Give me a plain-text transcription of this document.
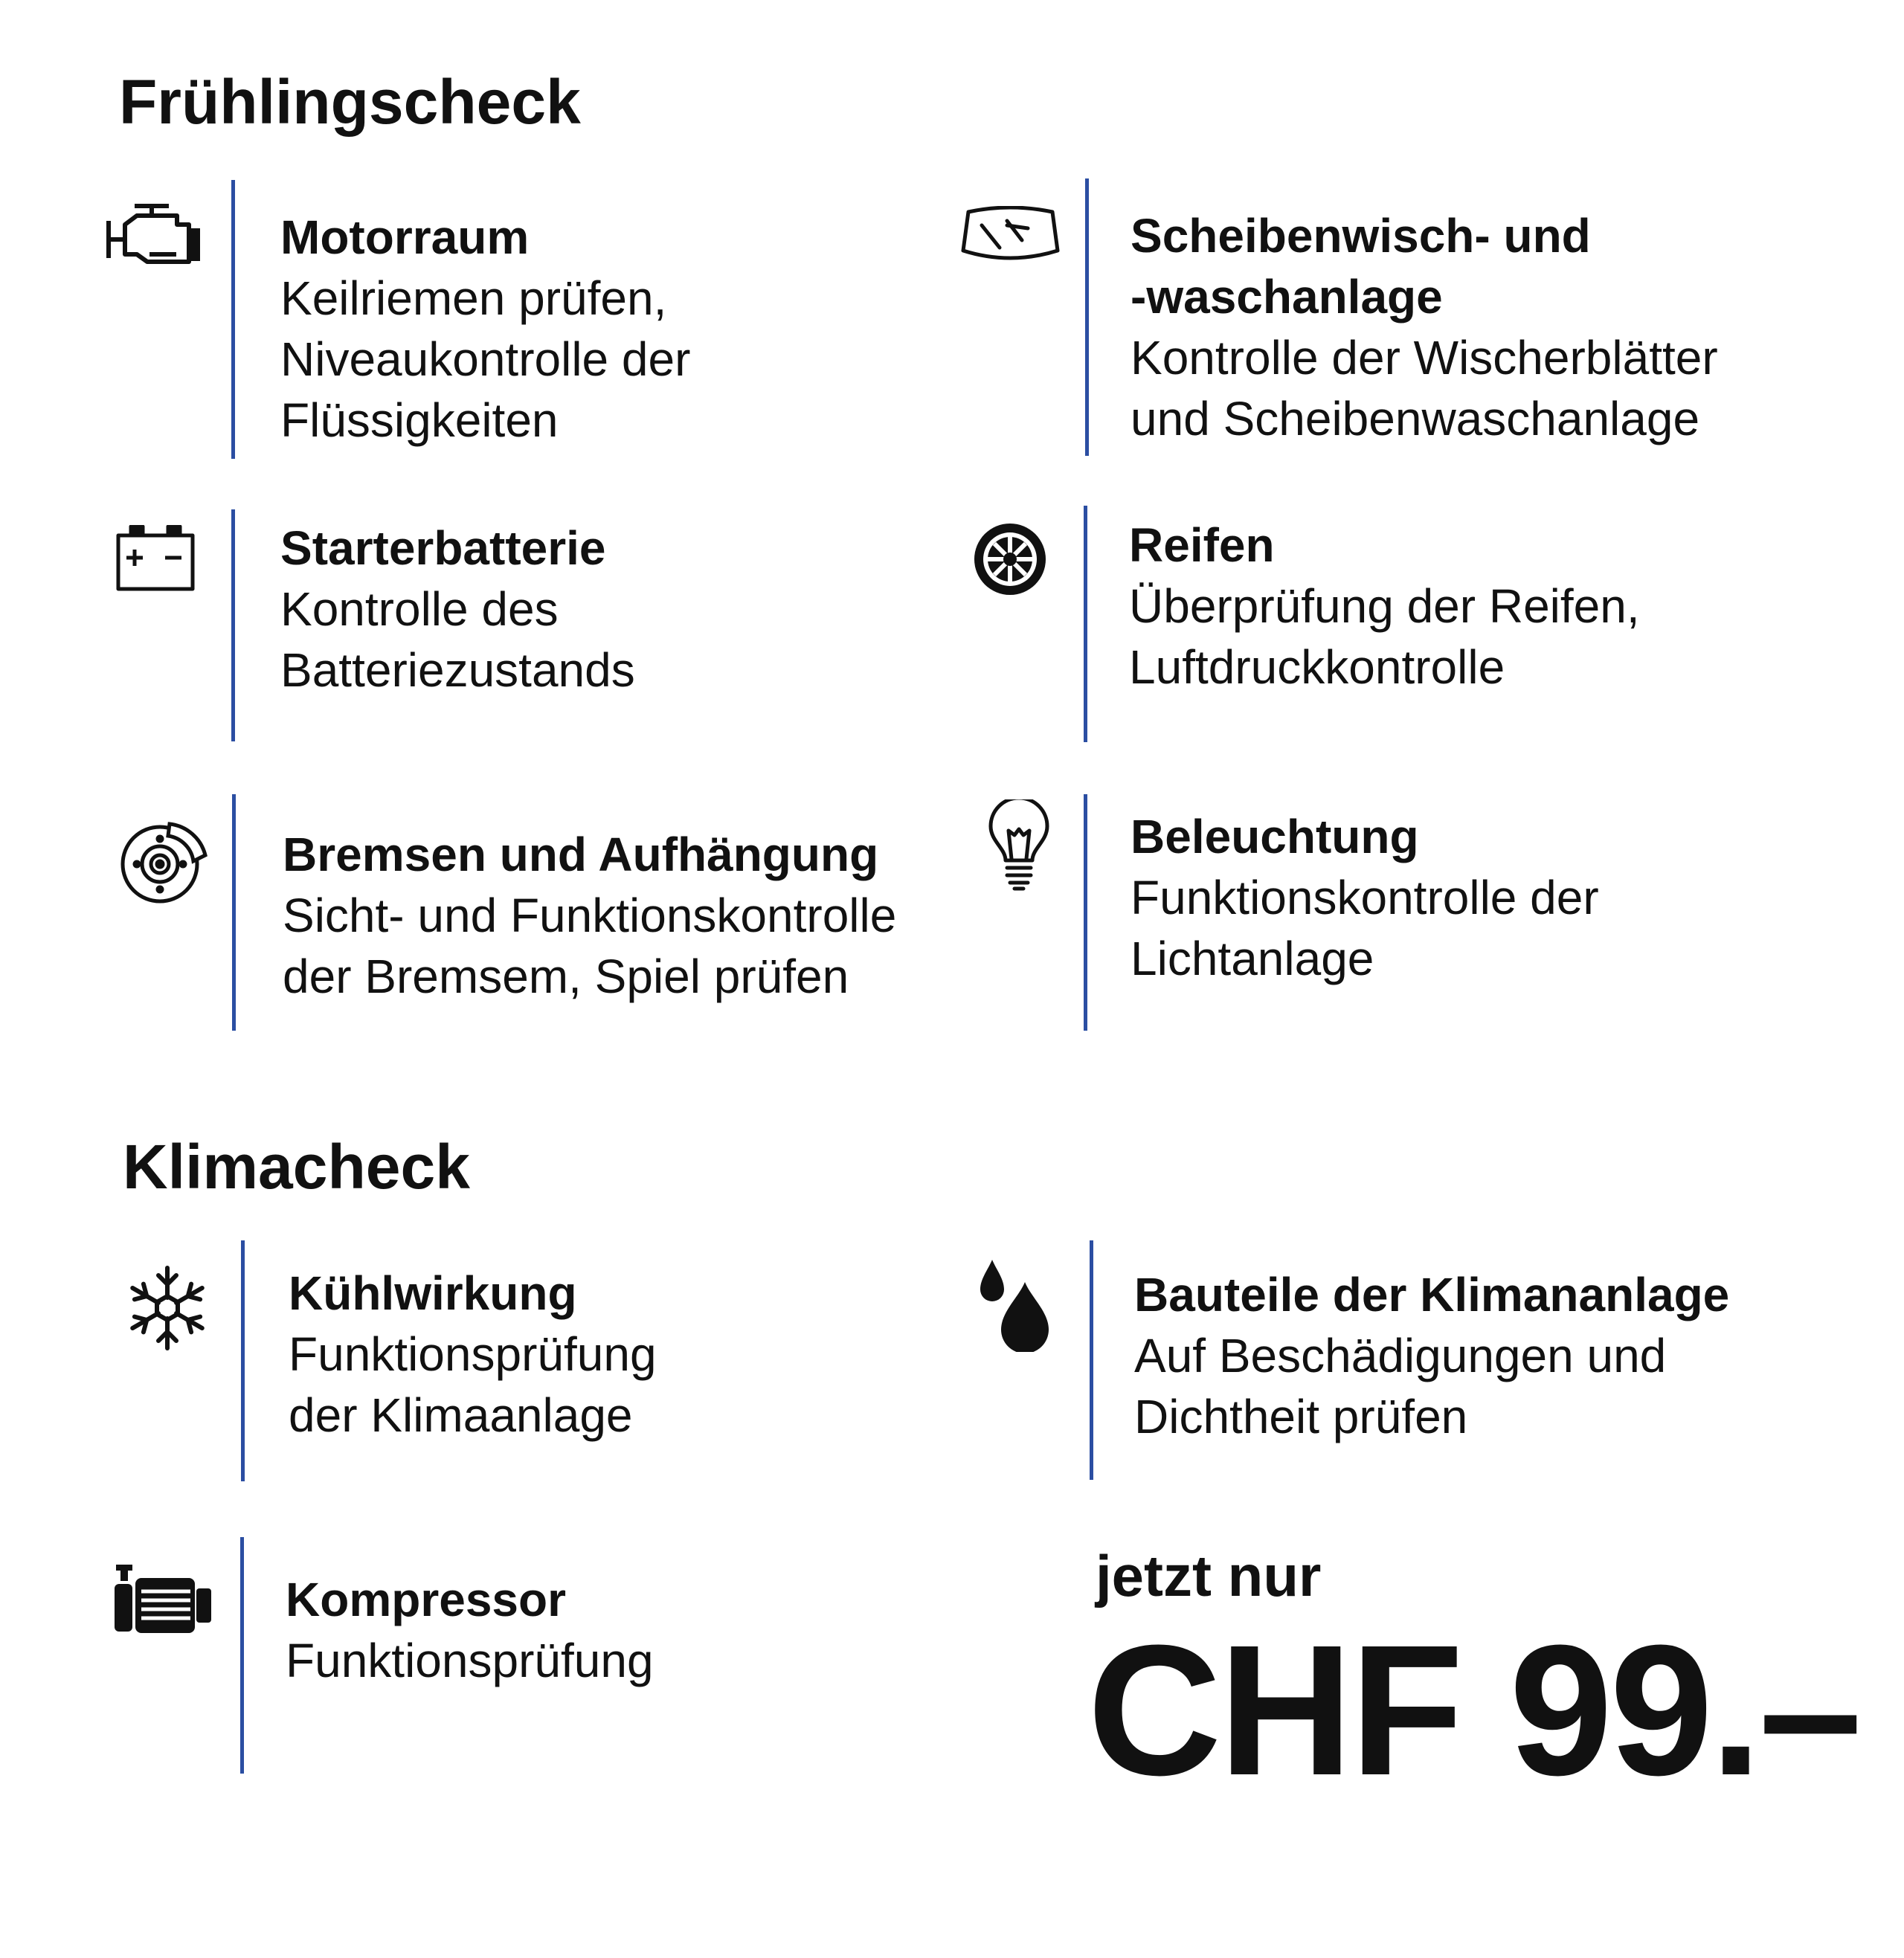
Frühlingscheck
Klimacheck
Motorraum
Keilriemen prüfen,
Niveaukontrolle der
Flüssigkeiten
Scheibenwisch- und
-waschanlage
Kontrolle der Wischerblätter
und Scheibenwaschanlage
Starterbatterie
Kontrolle des
Batteriezustands
Reifen
Überprüfung der Reifen,
Luftdruckkontrolle
Bremsen und Aufhängung
Sicht- und Funktionskontrolle
der Bremsem, Spiel prüfen
Beleuchtung
Funktionskontrolle der
Lichtanlage
Kühlwirkung
Funktionsprüfung
der Klimaanlage
Bauteile der Klimananlage
Auf Beschädigungen und
Dichtheit prüfen
Kompressor
Funktionsprüfung
jetzt nur
CHF 99.–
